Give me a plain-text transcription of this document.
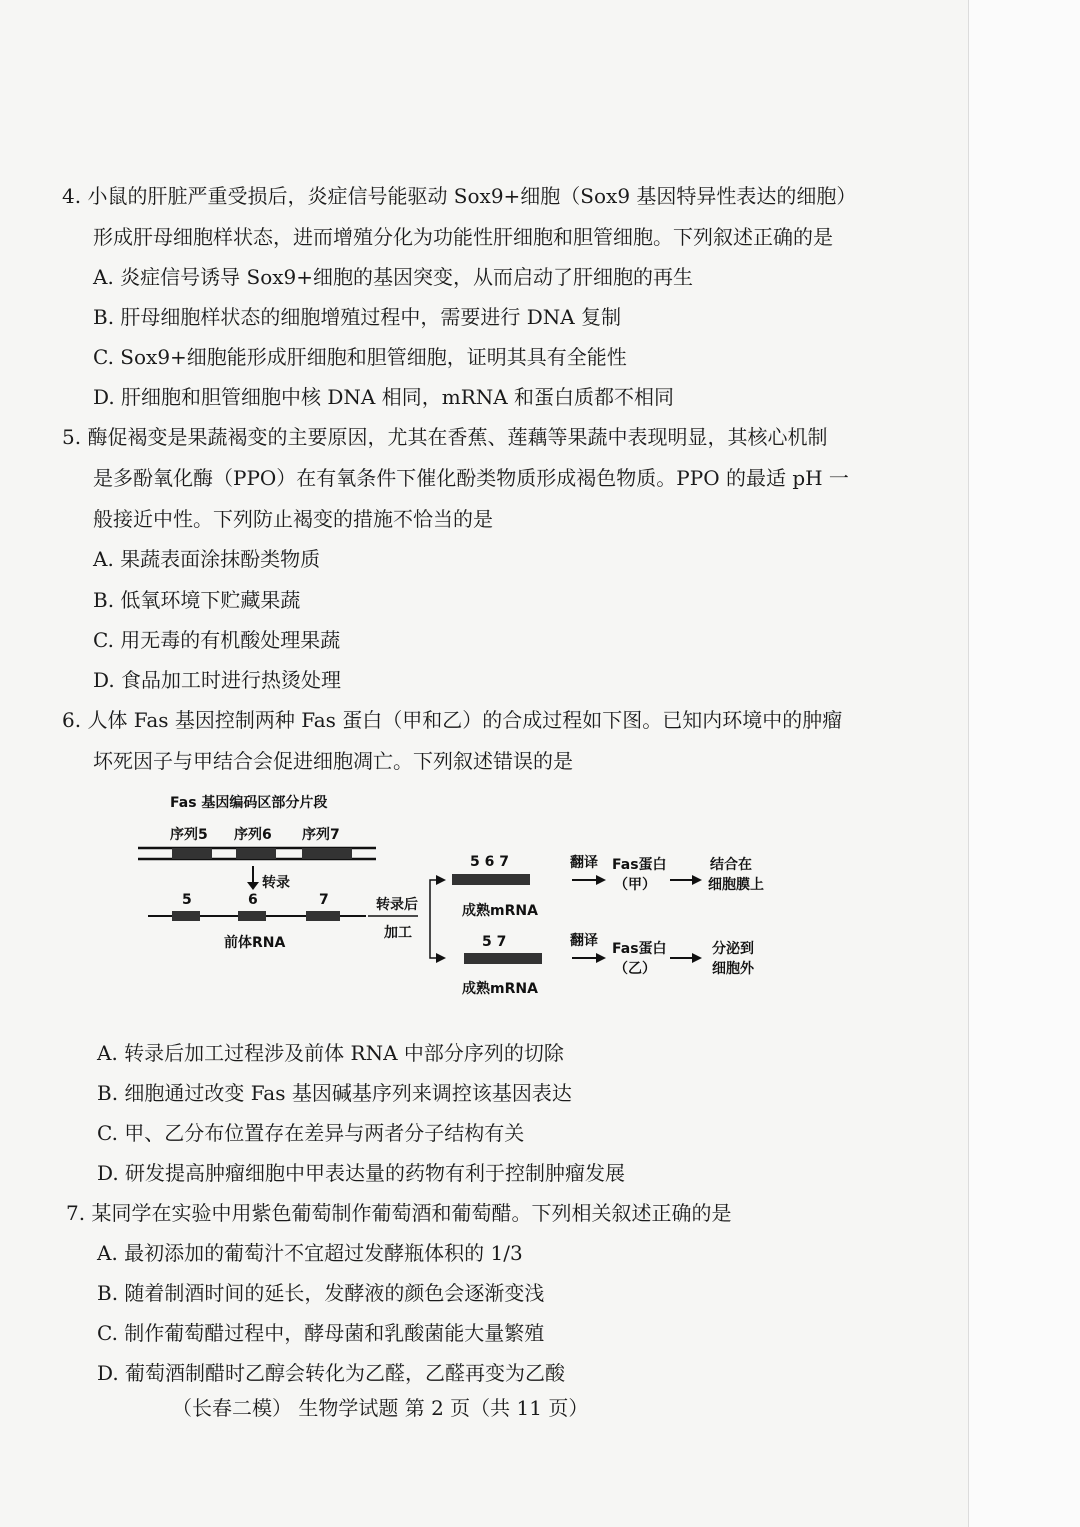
4. 小鼠的肝脏严重受损后，炎症信号能驱动 Sox9+细胞（Sox9 基因特异性表达的细胞）
形成肝母细胞样状态，进而增殖分化为功能性肝细胞和胆管细胞。下列叙述正确的是
A. 炎症信号诱导 Sox9+细胞的基因突变，从而启动了肝细胞的再生
B. 肝母细胞样状态的细胞增殖过程中，需要进行 DNA 复制
C. Sox9+细胞能形成肝细胞和胆管细胞，证明其具有全能性
D. 肝细胞和胆管细胞中核 DNA 相同，mRNA 和蛋白质都不相同
5. 酶促褐变是果蔬褐变的主要原因，尤其在香蕉、莲藕等果蔬中表现明显，其核心机制
是多酚氧化酶（PPO）在有氧条件下催化酚类物质形成褐色物质。PPO 的最适 pH 一
般接近中性。下列防止褐变的措施不恰当的是
A. 果蔬表面涂抹酚类物质
B. 低氧环境下贮藏果蔬
C. 用无毒的有机酸处理果蔬
D. 食品加工时进行热烫处理
6. 人体 Fas 基因控制两种 Fas 蛋白（甲和乙）的合成过程如下图。已知内环境中的肿瘤
坏死因子与甲结合会促进细胞凋亡。下列叙述错误的是
Fas 基因编码区部分片段
序列5 序列6 序列7
转录
5	6	7
前体RNA
转录后
加工
5 6 7
成熟mRNA
5 7
成熟mRNA
翻译
翻译
Fas蛋白
（甲）
Fas蛋白
（乙）
结合在
细胞膜上
分泌到
细胞外
A. 转录后加工过程涉及前体 RNA 中部分序列的切除
B. 细胞通过改变 Fas 基因碱基序列来调控该基因表达
C. 甲、乙分布位置存在差异与两者分子结构有关
D. 研发提高肿瘤细胞中甲表达量的药物有利于控制肿瘤发展
7. 某同学在实验中用紫色葡萄制作葡萄酒和葡萄醋。下列相关叙述正确的是
A. 最初添加的葡萄汁不宜超过发酵瓶体积的 1/3
B. 随着制酒时间的延长，发酵液的颜色会逐渐变浅
C. 制作葡萄醋过程中，酵母菌和乳酸菌能大量繁殖
D. 葡萄酒制醋时乙醇会转化为乙醛，乙醛再变为乙酸
（长春二模） 生物学试题 第 2 页（共 11 页）
